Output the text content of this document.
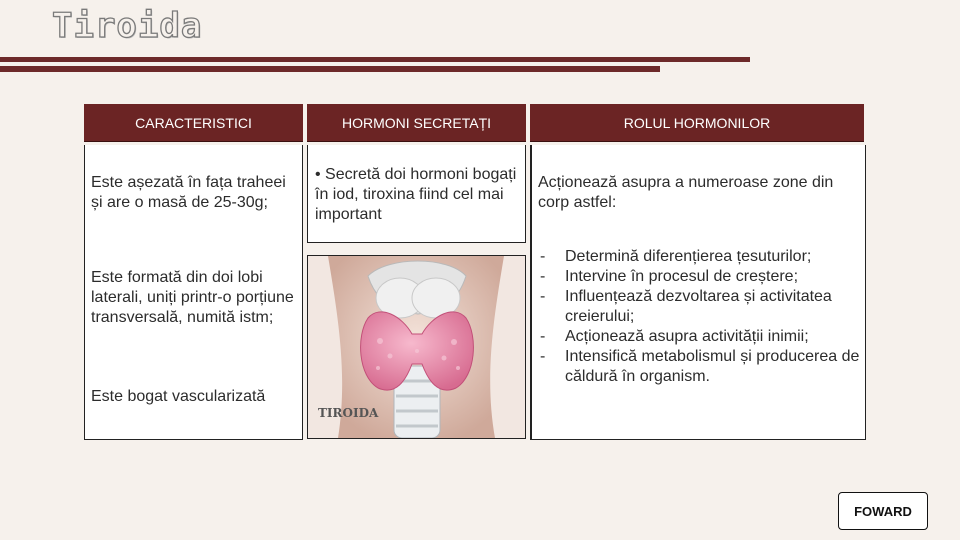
Tiroida
CARACTERISTICI	HORMONI SECRETAȚI	ROLUL HORMONILOR

Este așezată în fața traheei și are o masă de 25-30g;

Este formată din doi lobi laterali, uniți printr-o porțiune transversală, numită istm;

Este bogat vascularizată

• Secretă doi hormoni bogați în iod, tiroxina fiind cel mai important
TIROIDA
Acționează asupra a numeroase zone din corp astfel:
- Determină diferențierea țesuturilor;
- Intervine în procesul de creștere;
- Influențează dezvoltarea și activitatea creierului;
- Acționează asupra activității inimii;
- Intensifică metabolismul și producerea de căldură în organism.
FOWARD
